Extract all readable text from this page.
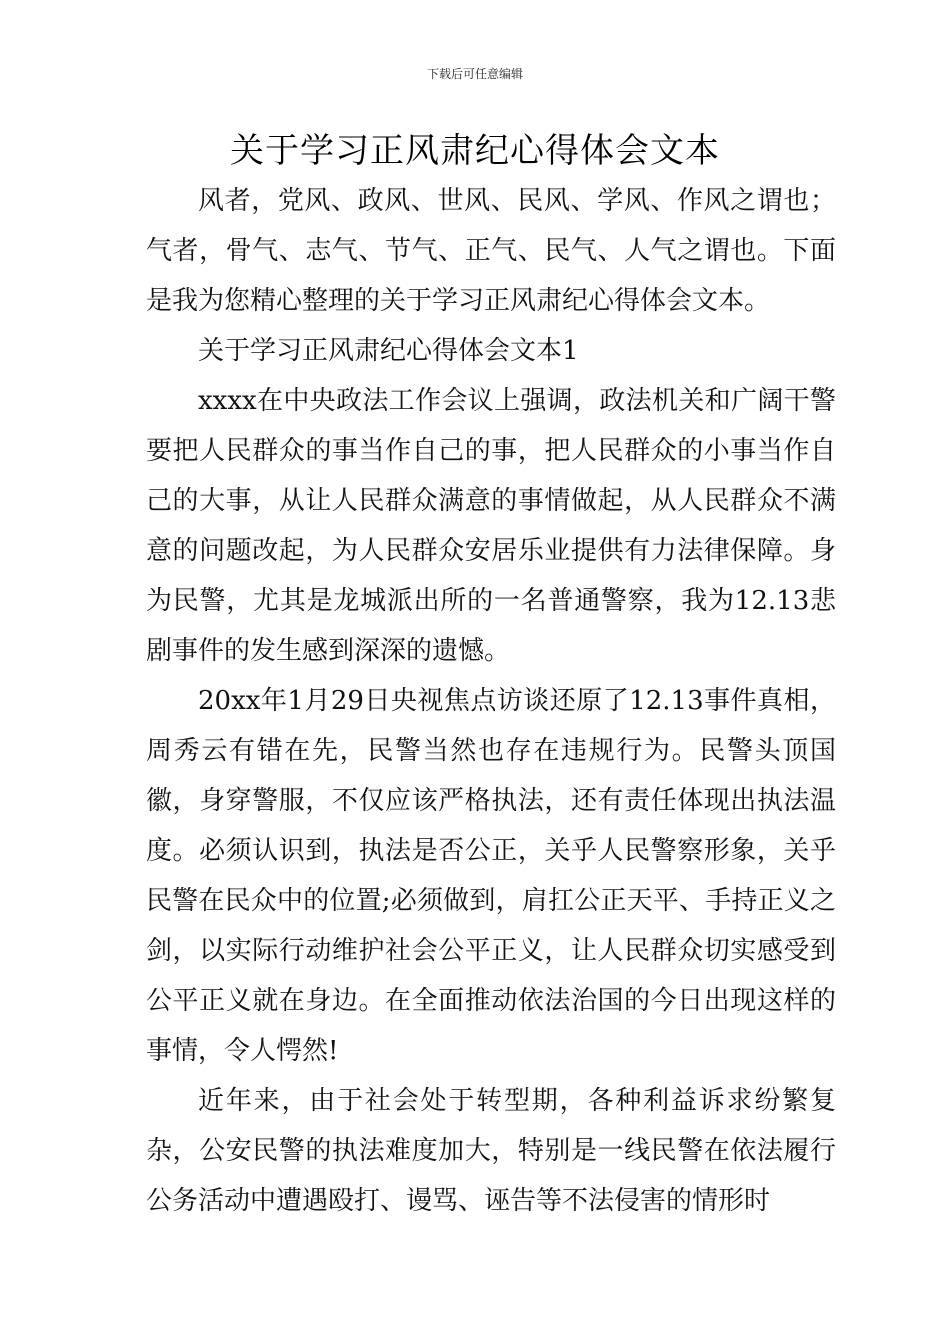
下载后可任意编辑
关于学习正风肃纪心得体会文本

风者，党风、政风、世风、民风、学风、作风之谓也；气者，骨气、志气、节气、正气、民气、人气之谓也。下面是我为您精心整理的关于学习正风肃纪心得体会文本。

关于学习正风肃纪心得体会文本1

xxxx在中央政法工作会议上强调，政法机关和广阔干警要把人民群众的事当作自己的事，把人民群众的小事当作自己的大事，从让人民群众满意的事情做起，从人民群众不满意的问题改起，为人民群众安居乐业提供有力法律保障。身为民警，尤其是龙城派出所的一名普通警察，我为12.13悲剧事件的发生感到深深的遗憾。

20xx年1月29日央视焦点访谈还原了12.13事件真相，周秀云有错在先，民警当然也存在违规行为。民警头顶国徽，身穿警服，不仅应该严格执法，还有责任体现出执法温度。必须认识到，执法是否公正，关乎人民警察形象，关乎民警在民众中的位置;必须做到，肩扛公正天平、手持正义之剑，以实际行动维护社会公平正义，让人民群众切实感受到公平正义就在身边。在全面推动依法治国的今日出现这样的事情，令人愕然!

近年来，由于社会处于转型期，各种利益诉求纷繁复杂，公安民警的执法难度加大，特别是一线民警在依法履行公务活动中遭遇殴打、谩骂、诬告等不法侵害的情形时
